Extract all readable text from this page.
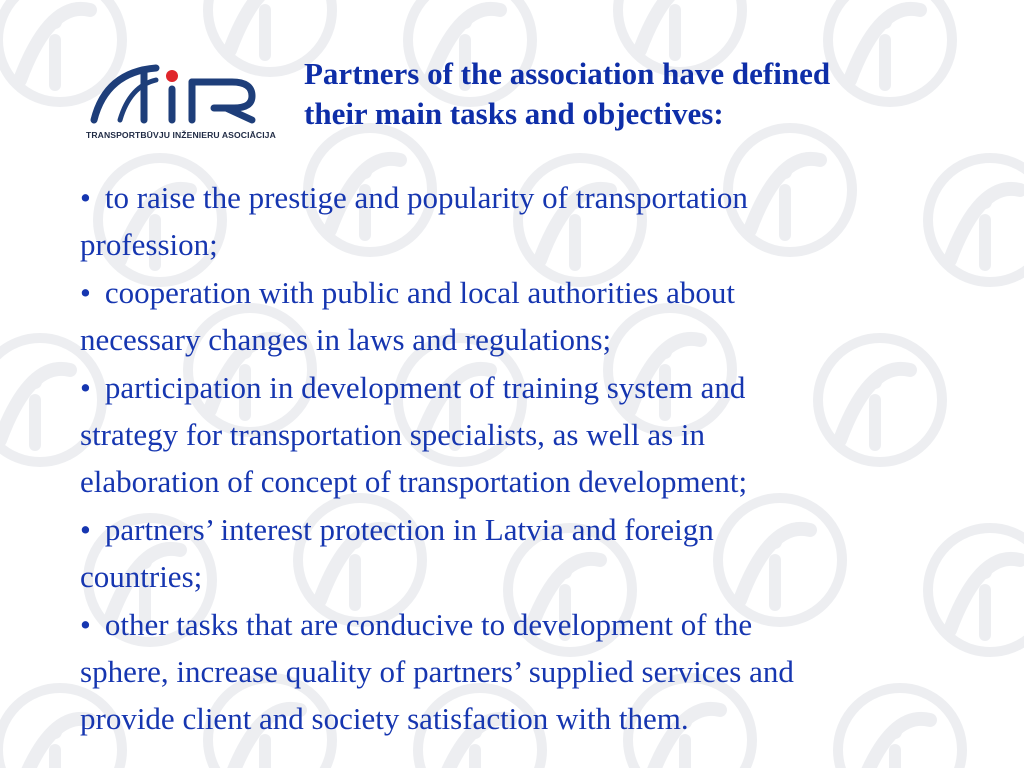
TRANSPORTBŪVJU INŽENIERU ASOCIĀCIJA
Partners of the association have defined
their main tasks and objectives:
• to raise the prestige and popularity of transportation
profession;
• cooperation with public and local authorities about
necessary changes in laws and regulations;
• participation in development of training system and
strategy for transportation specialists, as well as in
elaboration of concept of transportation development;
• partners’ interest protection in Latvia and foreign
countries;
• other tasks that are conducive to development of the
sphere, increase quality of partners’ supplied services and
provide client and society satisfaction with them.
